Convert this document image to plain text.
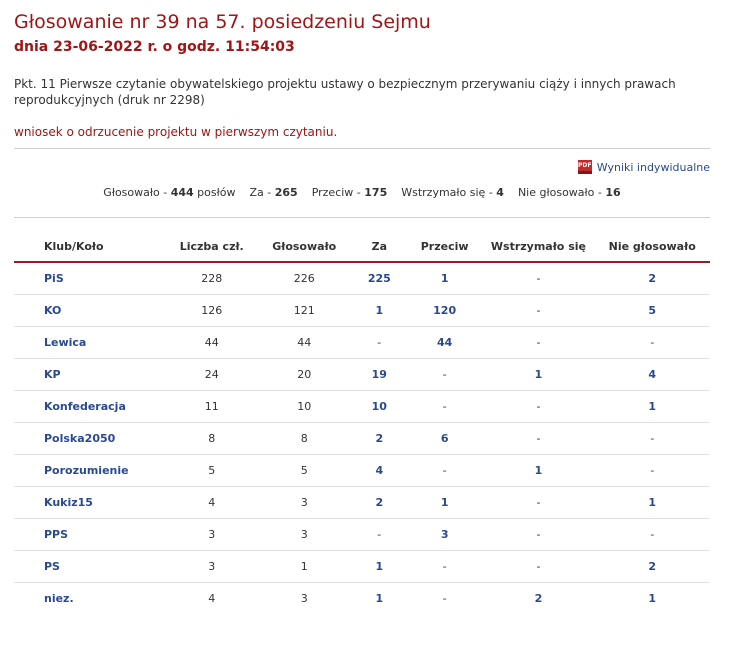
Głosowanie nr 39 na 57. posiedzeniu Sejmu
dnia 23-06-2022 r. o godz. 11:54:03
Pkt. 11 Pierwsze czytanie obywatelskiego projektu ustawy o bezpiecznym przerywaniu ciąży i innych prawach reprodukcyjnych (druk nr 2298)
wniosek o odrzucenie projektu w pierwszym czytaniu.
PDF Wyniki indywidualne
Głosowało - 444 posłów Za - 265 Przeciw - 175 Wstrzymało się - 4 Nie głosowało - 16
Klub/Koło	Liczba czł.	Głosowało	Za	Przeciw	Wstrzymało się	Nie głosowało
PiS	228	226	225	1	-	2
KO	126	121	1	120	-	5
Lewica	44	44	-	44	-	-
KP	24	20	19	-	1	4
Konfederacja	11	10	10	-	-	1
Polska2050	8	8	2	6	-	-
Porozumienie	5	5	4	-	1	-
Kukiz15	4	3	2	1	-	1
PPS	3	3	-	3	-	-
PS	3	1	1	-	-	2
niez.	4	3	1	-	2	1
